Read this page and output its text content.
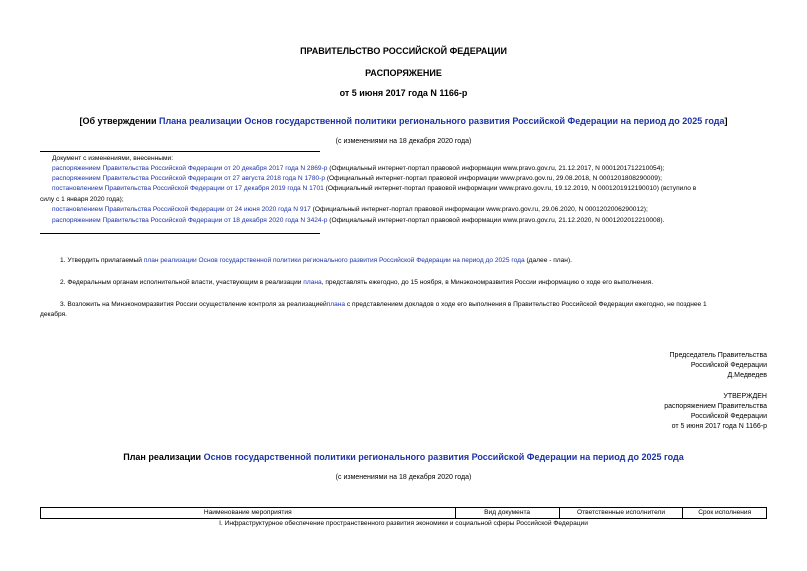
ПРАВИТЕЛЬСТВО РОССИЙСКОЙ ФЕДЕРАЦИИ
РАСПОРЯЖЕНИЕ
от 5 июня 2017 года N 1166-р
[Об утверждении Плана реализации Основ государственной политики регионального развития Российской Федерации на период до 2025 года]
(с изменениями на 18 декабря 2020 года)
Документ с изменениями, внесенными:
распоряжением Правительства Российской Федерации от 20 декабря 2017 года N 2869-р (Официальный интернет-портал правовой информации www.pravo.gov.ru, 21.12.2017, N 0001201712210054);
распоряжением Правительства Российской Федерации от 27 августа 2018 года N 1780-р (Официальный интернет-портал правовой информации www.pravo.gov.ru, 29.08.2018, N 0001201808290009);
постановлением Правительства Российской Федерации от 17 декабря 2019 года N 1701 (Официальный интернет-портал правовой информации www.pravo.gov.ru, 19.12.2019, N 0001201912190010) (вступило в
силу с 1 января 2020 года);
постановлением Правительства Российской Федерации от 24 июня 2020 года N 917 (Официальный интернет-портал правовой информации www.pravo.gov.ru, 29.06.2020, N 0001202006290012);
распоряжением Правительства Российской Федерации от 18 декабря 2020 года N 3424-р (Официальный интернет-портал правовой информации www.pravo.gov.ru, 21.12.2020, N 0001202012210008).
1. Утвердить прилагаемый план реализации Основ государственной политики регионального развития Российской Федерации на период до 2025 года (далее - план).
2. Федеральным органам исполнительной власти, участвующим в реализации плана, представлять ежегодно, до 15 ноября, в Минэкономразвития России информацию о ходе его выполнения.
3. Возложить на Минэкономразвития России осуществление контроля за реализациейплана с представлением докладов о ходе его выполнения в Правительство Российской Федерации ежегодно, не позднее 1
декабря.
Председатель Правительства
Российской Федерации
Д.Медведев
УТВЕРЖДЕН
распоряжением Правительства
Российской Федерации
от 5 июня 2017 года N 1166-р
План реализации Основ государственной политики регионального развития Российской Федерации на период до 2025 года
(с изменениями на 18 декабря 2020 года)
Наименование мероприятия	Вид документа	Ответственные исполнители	Срок исполнения
I. Инфраструктурное обеспечение пространственного развития экономики и социальной сферы Российской Федерации
